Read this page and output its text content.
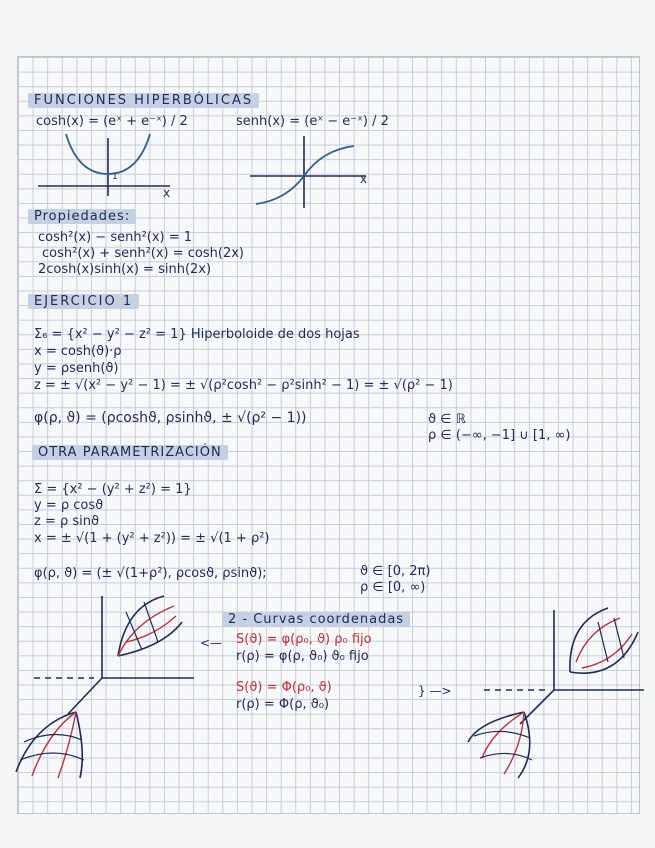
FUNCIONES HIPERBÓLICAS
cosh(x) = (eˣ + e⁻ˣ) / 2	senh(x) = (eˣ − e⁻ˣ) / 2
x
1	x
Propiedades:
cosh²(x) − senh²(x) = 1
cosh²(x) + senh²(x) = cosh(2x)
2cosh(x)sinh(x) = sinh(2x)
EJERCICIO 1
Σ₆ = {x² − y² − z² = 1} Hiperboloide de dos hojas
x = cosh(ϑ)·ρ
y = ρsenh(ϑ)
z = ± √(x² − y² − 1) = ± √(ρ²cosh² − ρ²sinh² − 1) = ± √(ρ² − 1)
φ(ρ, ϑ) = (ρcoshϑ, ρsinhϑ, ± √(ρ² − 1))	ϑ ∈ ℝ
ρ ∈ (−∞, −1] ∪ [1, ∞)
OTRA PARAMETRIZACIÓN
Σ = {x² − (y² + z²) = 1}
y = ρ cosϑ
z = ρ sinϑ
x = ± √(1 + (y² + z²)) = ± √(1 + ρ²)
φ(ρ, ϑ) = (± √(1+ρ²), ρcosϑ, ρsinϑ);	ϑ ∈ [0, 2π)
ρ ∈ [0, ∞)
2 - Curvas coordenadas
<— S(ϑ) = φ(ρ₀, ϑ) ρ₀ fijo
r(ρ) = φ(ρ, ϑ₀) ϑ₀ fijo
S(ϑ) = Φ(ρ₀, ϑ)
r(ρ) = Φ(ρ, ϑ₀)
} —>
